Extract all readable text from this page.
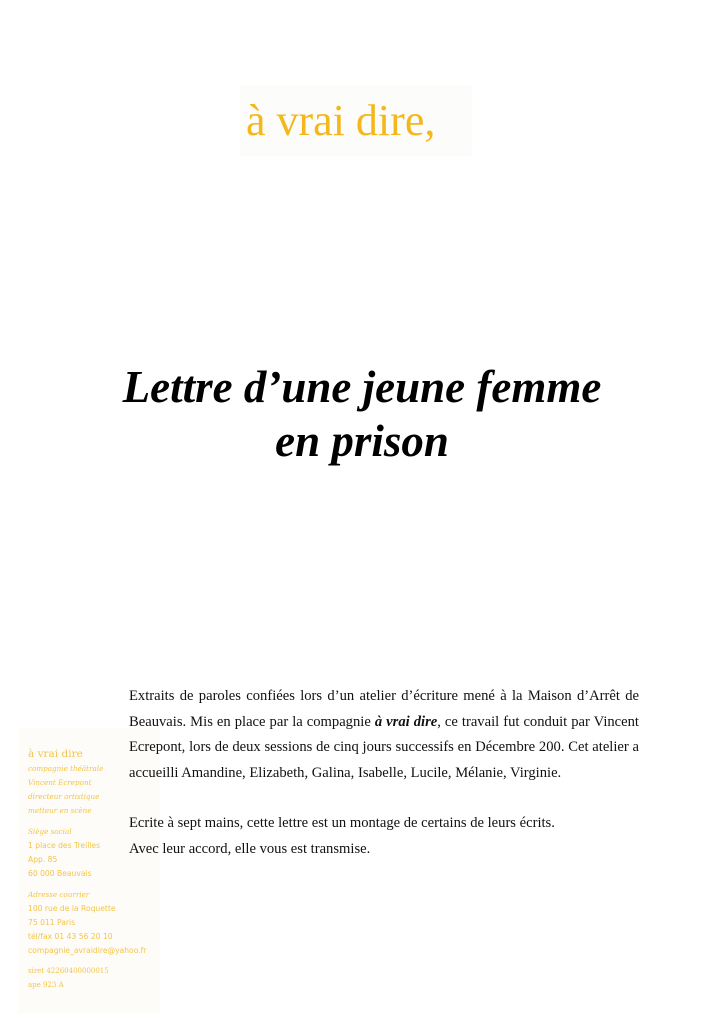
à vrai dire,
Lettre d’une jeune femme
en prison
à vrai dire
compagnie théâtrale
Vincent Ecrepont
directeur artistique
metteur en scène
Siège social
1 place des Treilles
App. 85
60 000 Beauvais
Adresse courrier
100 rue de la Roquette
75 011 Paris
tél/fax 01 43 56 20 10
compagnie_avraidire@yahoo.fr
siret 42260400000015
ape 923 A

Extraits de paroles confiées lors d’un atelier d’écriture mené à la Maison d’Arrêt de Beauvais. Mis en place par la compagnie à vrai dire, ce travail fut conduit par Vincent Ecrepont, lors de deux sessions de cinq jours successifs en Décembre 200. Cet atelier a accueilli Amandine, Elizabeth, Galina, Isabelle, Lucile, Mélanie, Virginie.

Ecrite à sept mains, cette lettre est un montage de certains de leurs écrits.

Avec leur accord, elle vous est transmise.
